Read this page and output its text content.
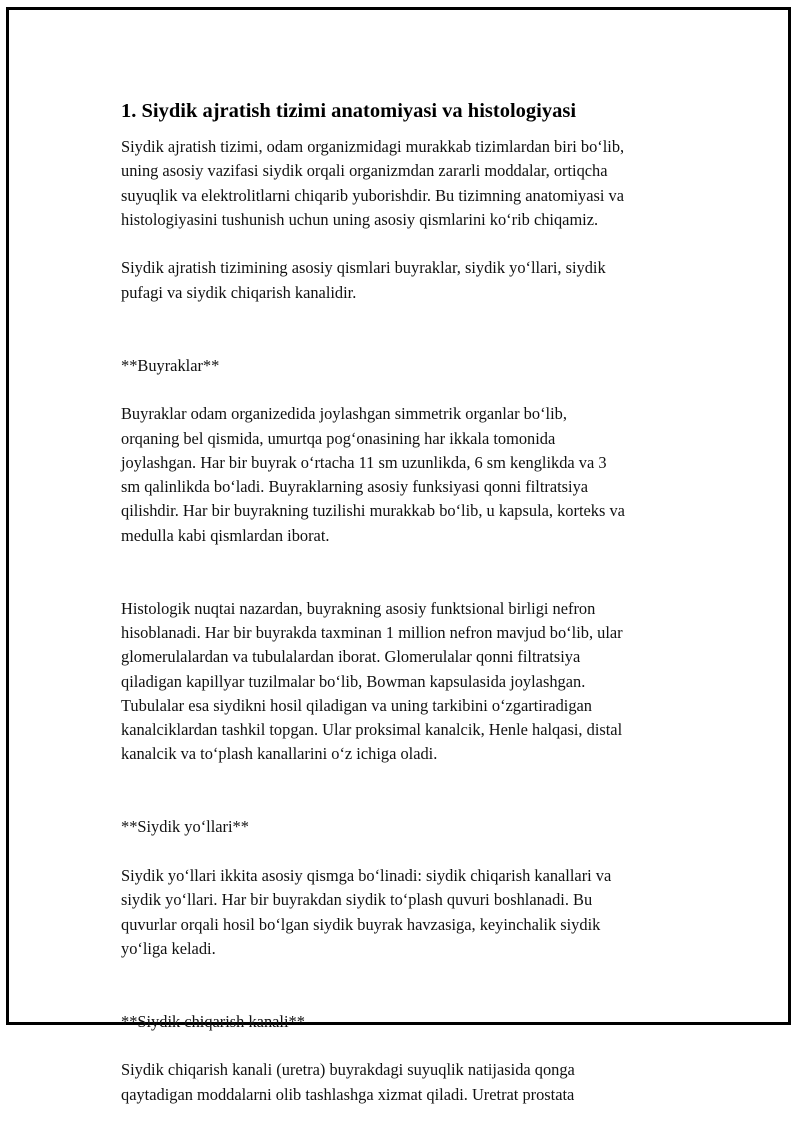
1. Siydik ajratish tizimi anatomiyasi va histologiyasi

Siydik ajratish tizimi, odam organizmidagi murakkab tizimlardan biri bo‘lib,
uning asosiy vazifasi siydik orqali organizmdan zararli moddalar, ortiqcha
suyuqlik va elektrolitlarni chiqarib yuborishdir. Bu tizimning anatomiyasi va
histologiyasini tushunish uchun uning asosiy qismlarini ko‘rib chiqamiz.

Siydik ajratish tizimining asosiy qismlari buyraklar, siydik yo‘llari, siydik
pufagi va siydik chiqarish kanalidir.

**Buyraklar**

Buyraklar odam organizedida joylashgan simmetrik organlar bo‘lib,
orqaning bel qismida, umurtqa pog‘onasining har ikkala tomonida
joylashgan. Har bir buyrak o‘rtacha 11 sm uzunlikda, 6 sm kenglikda va 3
sm qalinlikda bo‘ladi. Buyraklarning asosiy funksiyasi qonni filtratsiya
qilishdir. Har bir buyrakning tuzilishi murakkab bo‘lib, u kapsula, korteks va
medulla kabi qismlardan iborat.

Histologik nuqtai nazardan, buyrakning asosiy funktsional birligi nefron
hisoblanadi. Har bir buyrakda taxminan 1 million nefron mavjud bo‘lib, ular
glomerulalardan va tubulalardan iborat. Glomerulalar qonni filtratsiya
qiladigan kapillyar tuzilmalar bo‘lib, Bowman kapsulasida joylashgan.
Tubulalar esa siydikni hosil qiladigan va uning tarkibini o‘zgartiradigan
kanalciklardan tashkil topgan. Ular proksimal kanalcik, Henle halqasi, distal
kanalcik va to‘plash kanallarini o‘z ichiga oladi.

**Siydik yo‘llari**

Siydik yo‘llari ikkita asosiy qismga bo‘linadi: siydik chiqarish kanallari va
siydik yo‘llari. Har bir buyrakdan siydik to‘plash quvuri boshlanadi. Bu
quvurlar orqali hosil bo‘lgan siydik buyrak havzasiga, keyinchalik siydik
yo‘liga keladi.

**Siydik chiqarish kanali**

Siydik chiqarish kanali (uretra) buyrakdagi suyuqlik natijasida qonga
qaytadigan moddalarni olib tashlashga xizmat qiladi. Uretrat prostata
